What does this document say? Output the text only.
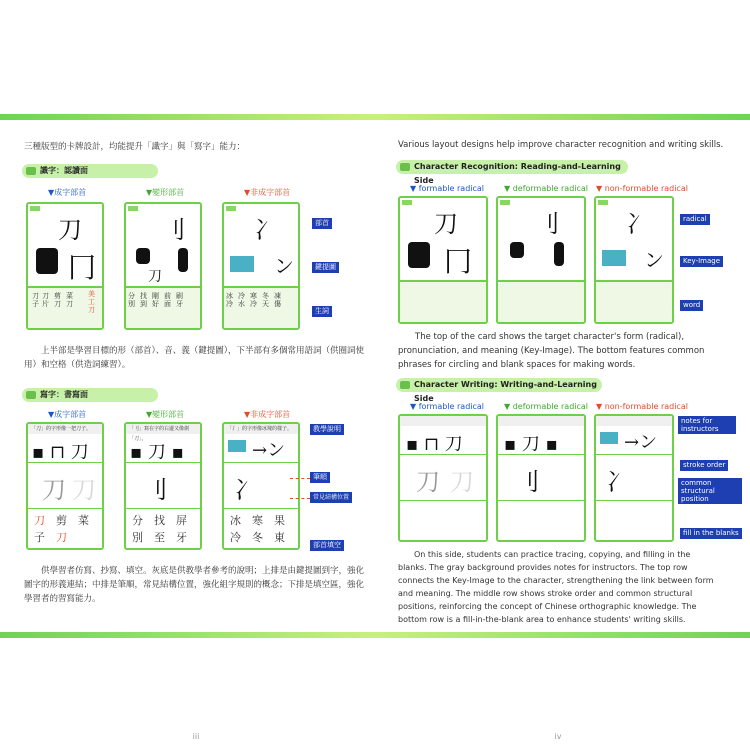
三種版型的卡牌設計，均能提升「識字」與「寫字」能力：
識字：認讀面
▼成字部首	▼變形部首	▼非成字部首
刀
冂
刀子
刀片
剪刀
菜刀
美工刀
刂
刀
分別
找到
剛好
前面
刷牙
冫
ン
冰冷
冷水
寒冷
冬天
凍傷
部首
鍵提圖
生詞
上半部是學習目標的形（部首）、音、義（鍵提圖），下半部有多個常用語詞（供圈詞使用）和空格（供造詞練習）。
寫字：書寫面
▼成字部首	▼變形部首	▼非成字部首
「刀」的字形像一把刀子。
▪ ⊓ 刀
刀 刀
刀　 剪　 菜
子　 刀
「刂」寫在字的右邊又像劍「刀」。
▪ 刀 ▪
刂
分　 找　 屏
別　 至　 牙
「冫」的字形像冰塊的樣子。
→ン
冫
冰　 寒　 果
冷　 冬　 東
教學說明
筆順
常見結構位置
部首填空
供學習者仿寫、抄寫、填空。灰底是供教學者參考的說明；上排是由鍵提圖到字，強化圖字的形義連結；中排是筆順，常見結構位置，強化組字規則的概念；下排是填空區，強化學習者的習寫能力。
iii
Various layout designs help improve character recognition and writing skills.
Character Recognition: Reading-and-Learning Side
▼ formable radical ▼ deformable radical ▼ non-formable radical
刀
冂
刂	冫
ン
radical
Key-Image
word
The top of the card shows the target character's form (radical), pronunciation, and meaning (Key-Image). The bottom features common phrases for circling and blank spaces for making words.
Character Writing: Writing-and-Learning Side
▼ formable radical ▼ deformable radical ▼ non-formable radical
▪ ⊓ 刀
刀 刀
▪ 刀 ▪
刂
→ン
冫
notes for instructors
stroke order
common structural position
fill in the blanks
On this side, students can practice tracing, copying, and filling in the blanks. The gray background provides notes for instructors. The top row connects the Key-Image to the character, strengthening the link between form and meaning. The middle row shows stroke order and common structural positions, reinforcing the concept of Chinese orthographic knowledge. The bottom row is a fill-in-the-blank area to enhance students' writing skills.
iv
